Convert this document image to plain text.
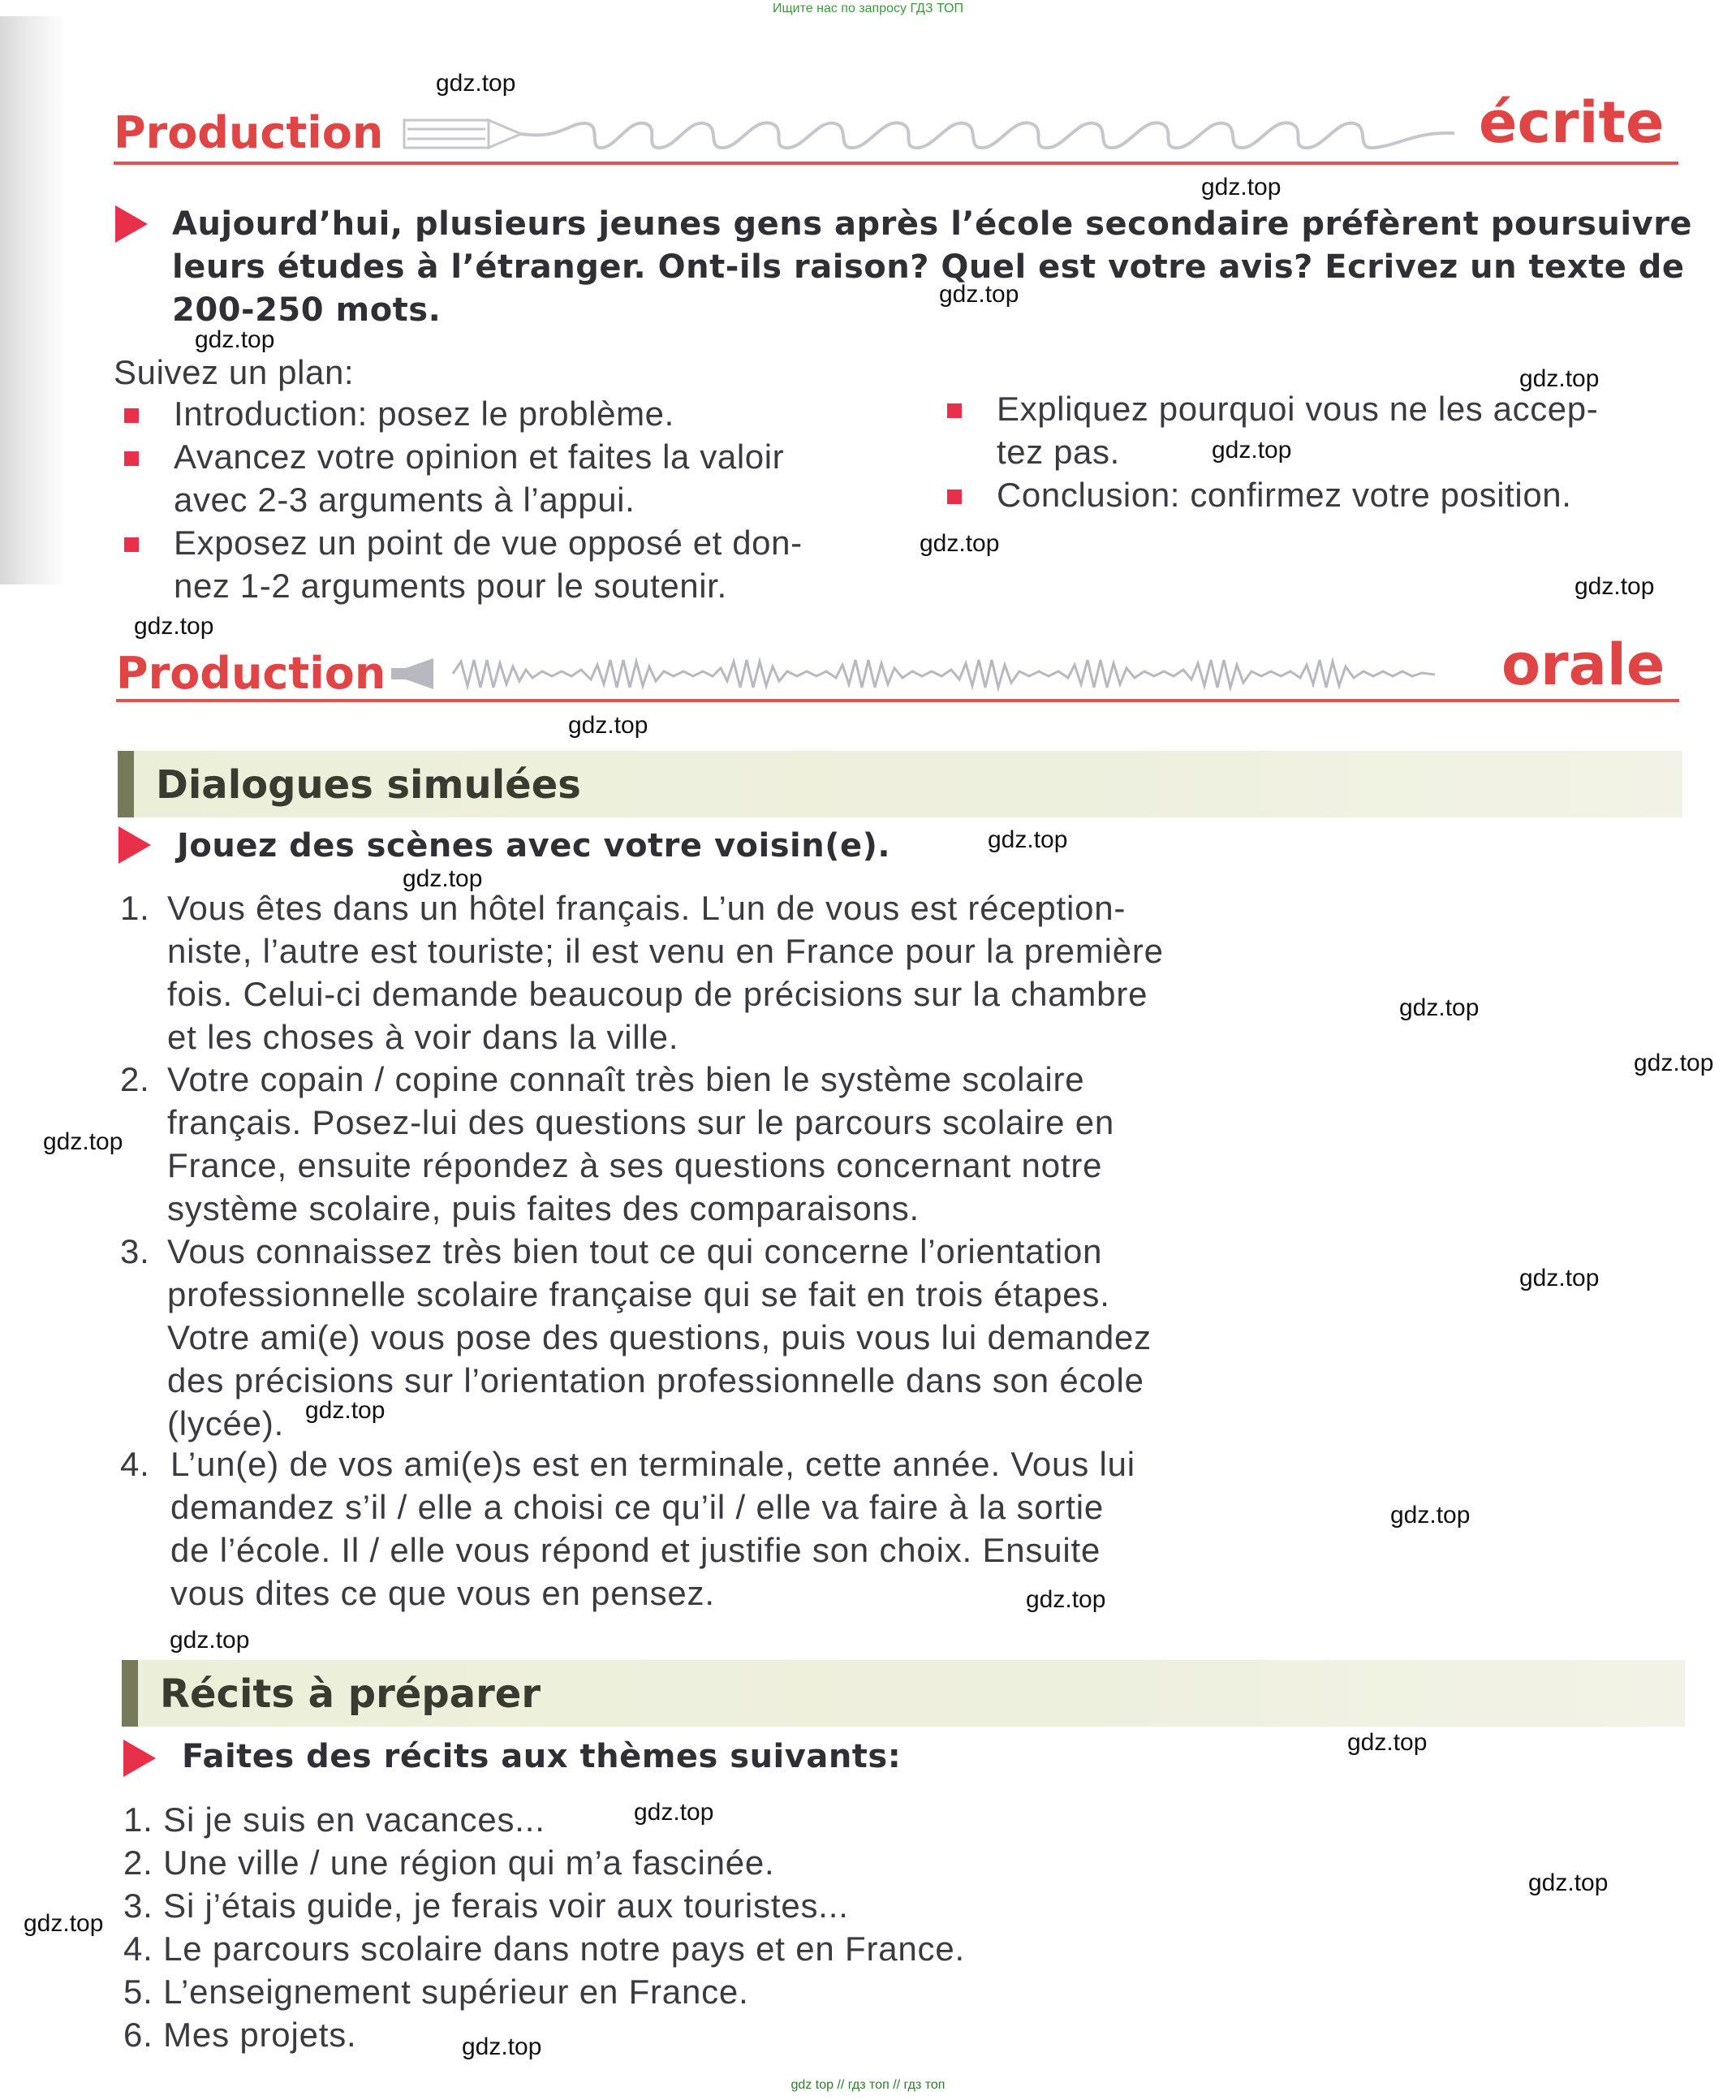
Ищите нас по запросу ГДЗ ТОП
Production	écrite
Aujourd’hui, plusieurs jeunes gens après l’école secondaire préfèrent poursuivre
leurs études à l’étranger. Ont-ils raison? Quel est votre avis? Ecrivez un texte de
200-250 mots.
Suivez un plan:
Introduction: posez le problème.
Avancez votre opinion et faites la valoir
avec 2-3 arguments à l’appui.
Exposez un point de vue opposé et don-
nez 1-2 arguments pour le soutenir.
Expliquez pourquoi vous ne les accep-
tez pas.
Conclusion: confirmez votre position.
Production	orale
Dialogues simulées
Jouez des scènes avec votre voisin(e).
1. Vous êtes dans un hôtel français. L’un de vous est réception-
niste, l’autre est touriste; il est venu en France pour la première
fois. Celui-ci demande beaucoup de précisions sur la chambre
et les choses à voir dans la ville.
2. Votre copain / copine connaît très bien le système scolaire
français. Posez-lui des questions sur le parcours scolaire en
France, ensuite répondez à ses questions concernant notre
système scolaire, puis faites des comparaisons.
3. Vous connaissez très bien tout ce qui concerne l’orientation
professionnelle scolaire française qui se fait en trois étapes.
Votre ami(e) vous pose des questions, puis vous lui demandez
des précisions sur l’orientation professionnelle dans son école
(lycée).
4. L’un(e) de vos ami(e)s est en terminale, cette année. Vous lui
demandez s’il / elle a choisi ce qu’il / elle va faire à la sortie
de l’école. Il / elle vous répond et justifie son choix. Ensuite
vous dites ce que vous en pensez.
Récits à préparer
Faites des récits aux thèmes suivants:
1. Si je suis en vacances...
2. Une ville / une région qui m’a fascinée.
3. Si j’étais guide, je ferais voir aux touristes...
4. Le parcours scolaire dans notre pays et en France.
5. L’enseignement supérieur en France.
6. Mes projets.
gdz.top
gdz.top
gdz.top
gdz.top
gdz.top
gdz.top
gdz.top
gdz.top
gdz.top
gdz.top
gdz.top
gdz.top
gdz.top
gdz.top
gdz.top
gdz.top
gdz.top
gdz.top
gdz.top
gdz.top
gdz.top
gdz.top
gdz.top
gdz.top
gdz.top
gdz top // гдз топ // гдз топ
